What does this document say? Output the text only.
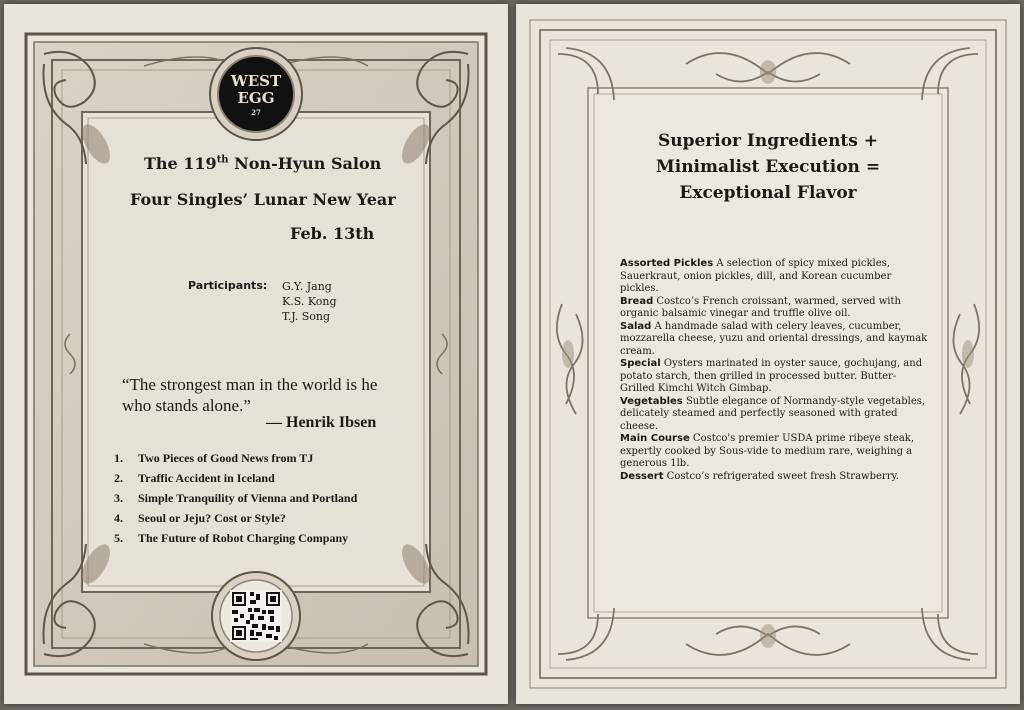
WEST
EGG
27
The 119th Non-Hyun Salon
Four Singles’ Lunar New Year
Feb. 13th
Participants: G.Y. Jang
K.S. Kong
T.J. Song
“The strongest man in the world is he
who stands alone.”
— Henrik Ibsen
1. Two Pieces of Good News from TJ
2. Traffic Accident in Iceland
3. Simple Tranquility of Vienna and Portland
4. Seoul or Jeju? Cost or Style?
5. The Future of Robot Charging Company
Superior Ingredients +
Minimalist Execution =
Exceptional Flavor
Assorted Pickles A selection of spicy mixed pickles, Sauerkraut, onion pickles, dill, and Korean cucumber pickles.
Bread Costco’s French croissant, warmed, served with organic balsamic vinegar and truffle olive oil.
Salad A handmade salad with celery leaves, cucumber, mozzarella cheese, yuzu and oriental dressings, and kaymak cream.
Special Oysters marinated in oyster sauce, gochujang, and potato starch, then grilled in processed butter. Butter-Grilled Kimchi Witch Gimbap.
Vegetables Subtle elegance of Normandy-style vegetables, delicately steamed and perfectly seasoned with grated cheese.
Main Course Costco's premier USDA prime ribeye steak, expertly cooked by Sous-vide to medium rare, weighing a generous 1lb.
Dessert Costco’s refrigerated sweet fresh Strawberry.
